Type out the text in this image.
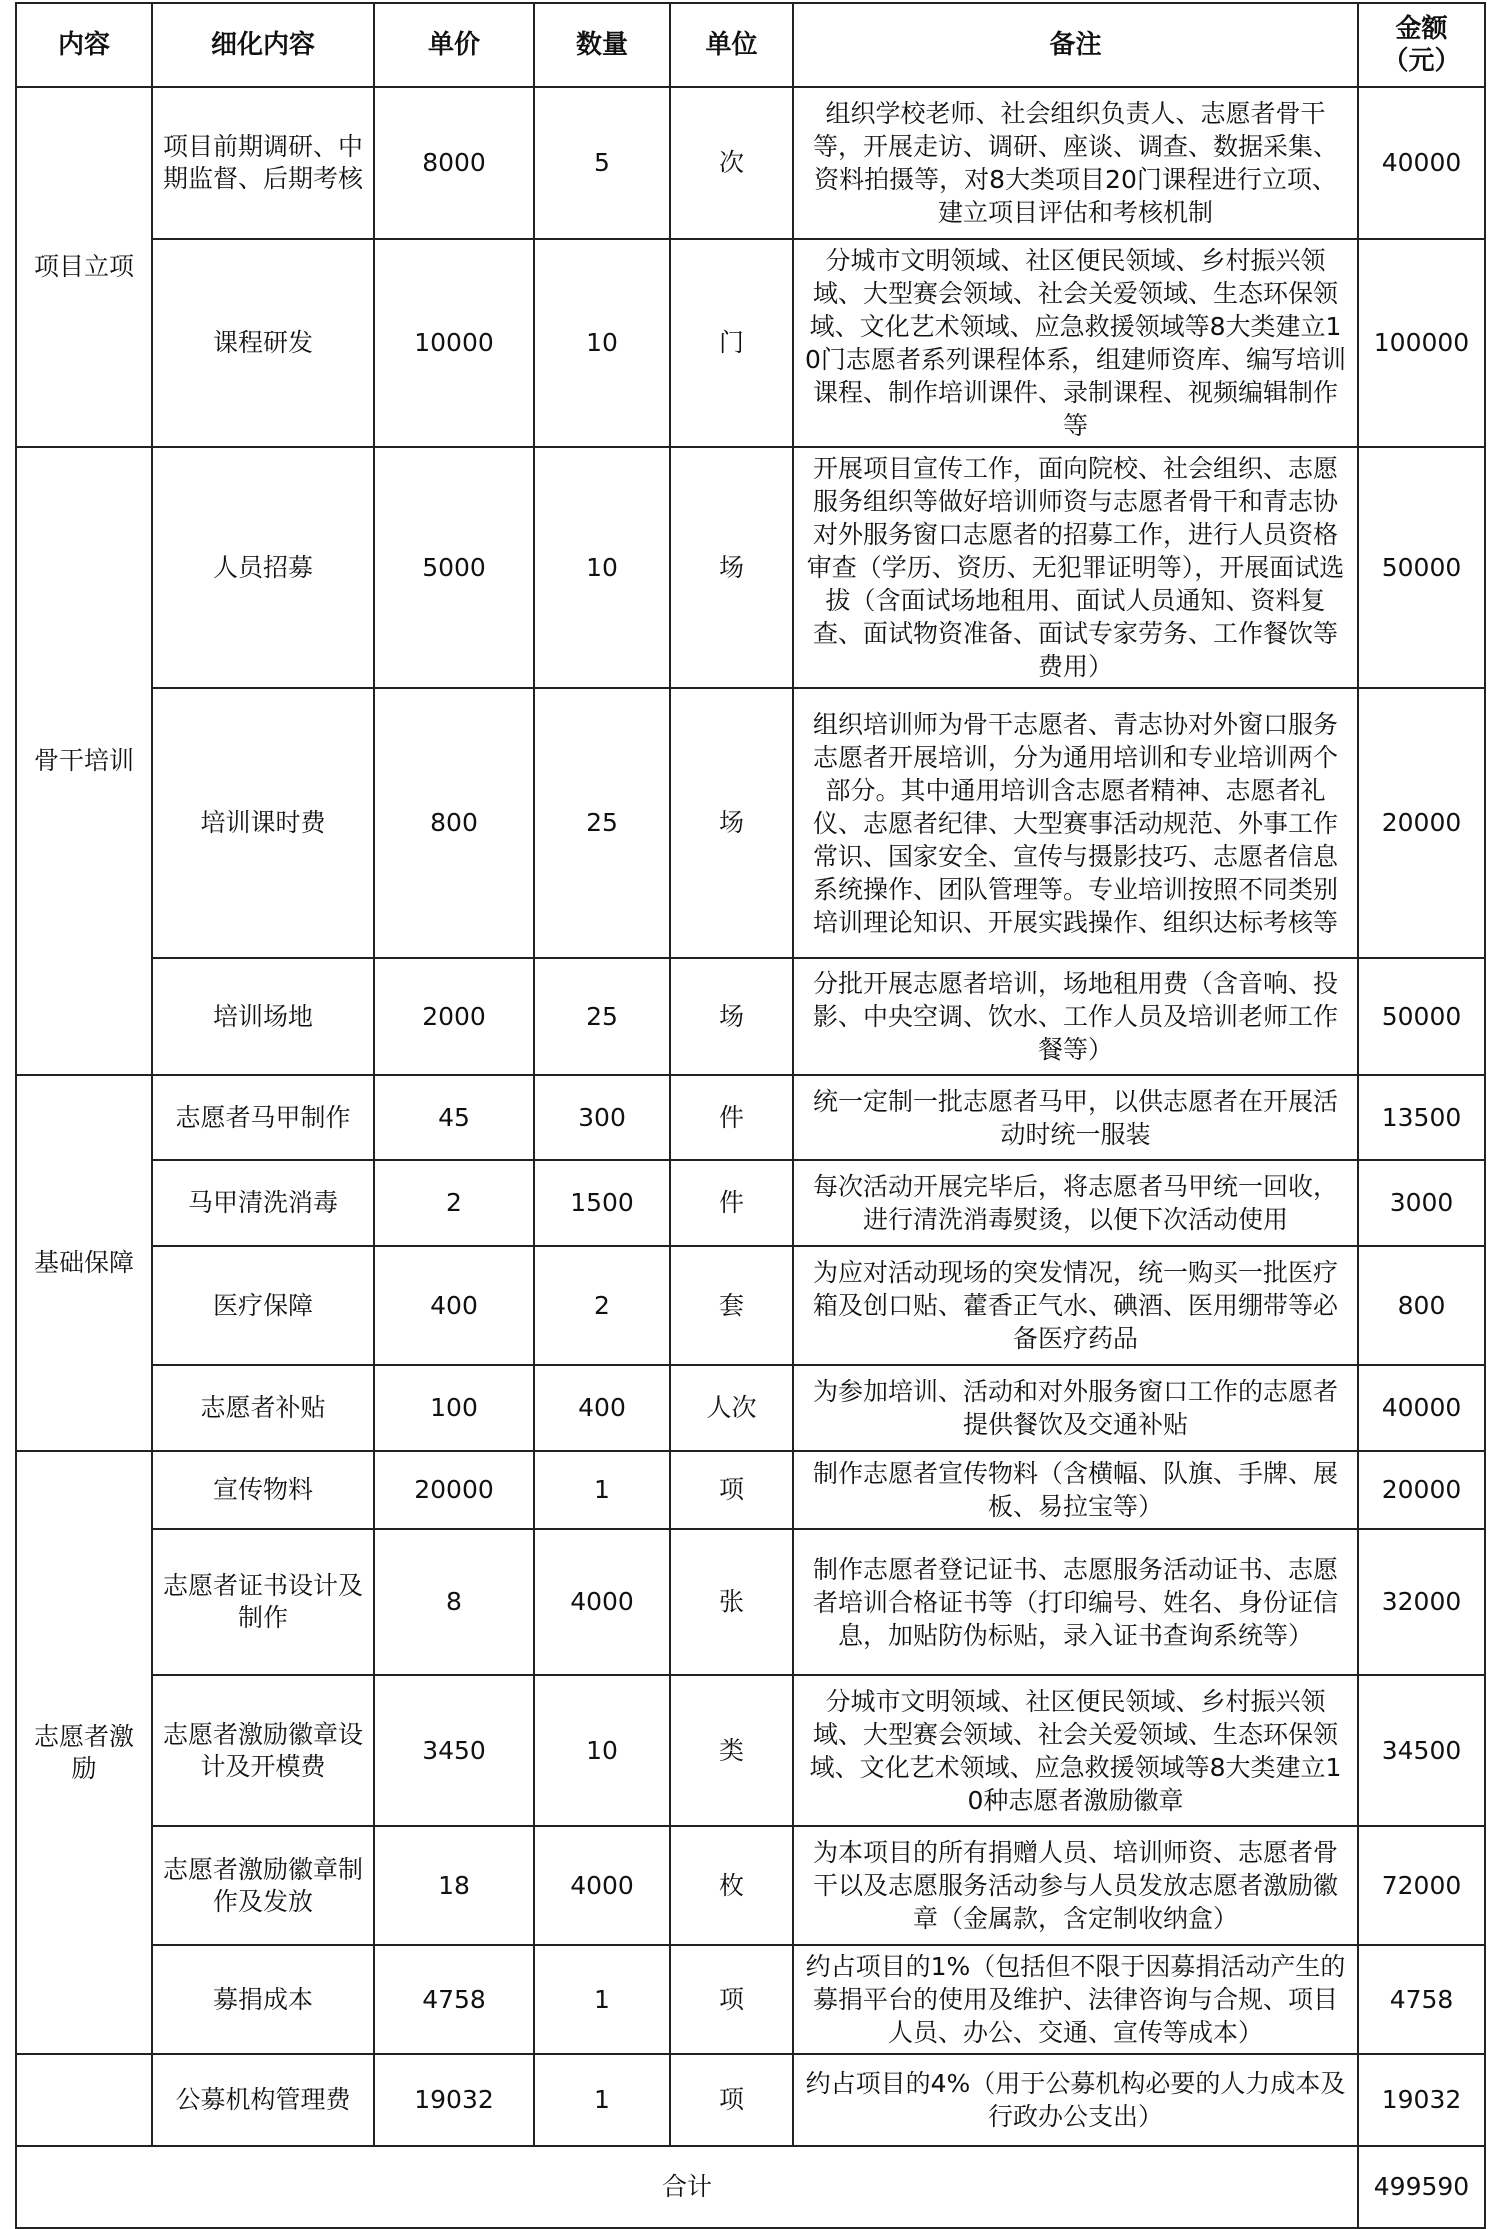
内容	细化内容	单价	数量	单位	备注	金额（元）
项目立项	项目前期调研、中期监督、后期考核	8000	5	次	组织学校老师、社会组织负责人、志愿者骨干等，开展走访、调研、座谈、调查、数据采集、资料拍摄等，对8大类项目20门课程进行立项、建立项目评估和考核机制	40000
	课程研发	10000	10	门	分城市文明领域、社区便民领域、乡村振兴领域、大型赛会领域、社会关爱领域、生态环保领域、文化艺术领域、应急救援领域等8大类建立10门志愿者系列课程体系，组建师资库、编写培训课程、制作培训课件、录制课程、视频编辑制作等	100000
骨干培训	人员招募	5000	10	场	开展项目宣传工作，面向院校、社会组织、志愿服务组织等做好培训师资与志愿者骨干和青志协对外服务窗口志愿者的招募工作，进行人员资格审查（学历、资历、无犯罪证明等），开展面试选拔（含面试场地租用、面试人员通知、资料复查、面试物资准备、面试专家劳务、工作餐饮等费用）	50000
	培训课时费	800	25	场	组织培训师为骨干志愿者、青志协对外窗口服务志愿者开展培训，分为通用培训和专业培训两个部分。其中通用培训含志愿者精神、志愿者礼仪、志愿者纪律、大型赛事活动规范、外事工作常识、国家安全、宣传与摄影技巧、志愿者信息系统操作、团队管理等。专业培训按照不同类别培训理论知识、开展实践操作、组织达标考核等	20000
	培训场地	2000	25	场	分批开展志愿者培训，场地租用费（含音响、投影、中央空调、饮水、工作人员及培训老师工作餐等）	50000
基础保障	志愿者马甲制作	45	300	件	统一定制一批志愿者马甲，以供志愿者在开展活动时统一服装	13500
	马甲清洗消毒	2	1500	件	每次活动开展完毕后，将志愿者马甲统一回收，进行清洗消毒熨烫，以便下次活动使用	3000
	医疗保障	400	2	套	为应对活动现场的突发情况，统一购买一批医疗箱及创口贴、藿香正气水、碘酒、医用绷带等必备医疗药品	800
	志愿者补贴	100	400	人次	为参加培训、活动和对外服务窗口工作的志愿者提供餐饮及交通补贴	40000
志愿者激励	宣传物料	20000	1	项	制作志愿者宣传物料（含横幅、队旗、手牌、展板、易拉宝等）	20000
	志愿者证书设计及制作	8	4000	张	制作志愿者登记证书、志愿服务活动证书、志愿者培训合格证书等（打印编号、姓名、身份证信息，加贴防伪标贴，录入证书查询系统等）	32000
	志愿者激励徽章设计及开模费	3450	10	类	分城市文明领域、社区便民领域、乡村振兴领域、大型赛会领域、社会关爱领域、生态环保领域、文化艺术领域、应急救援领域等8大类建立10种志愿者激励徽章	34500
	志愿者激励徽章制作及发放	18	4000	枚	为本项目的所有捐赠人员、培训师资、志愿者骨干以及志愿服务活动参与人员发放志愿者激励徽章（金属款，含定制收纳盒）	72000
	募捐成本	4758	1	项	约占项目的1%（包括但不限于因募捐活动产生的募捐平台的使用及维护、法律咨询与合规、项目人员、办公、交通、宣传等成本）	4758
	公募机构管理费	19032	1	项	约占项目的4%（用于公募机构必要的人力成本及行政办公支出）	19032
合计						499590
